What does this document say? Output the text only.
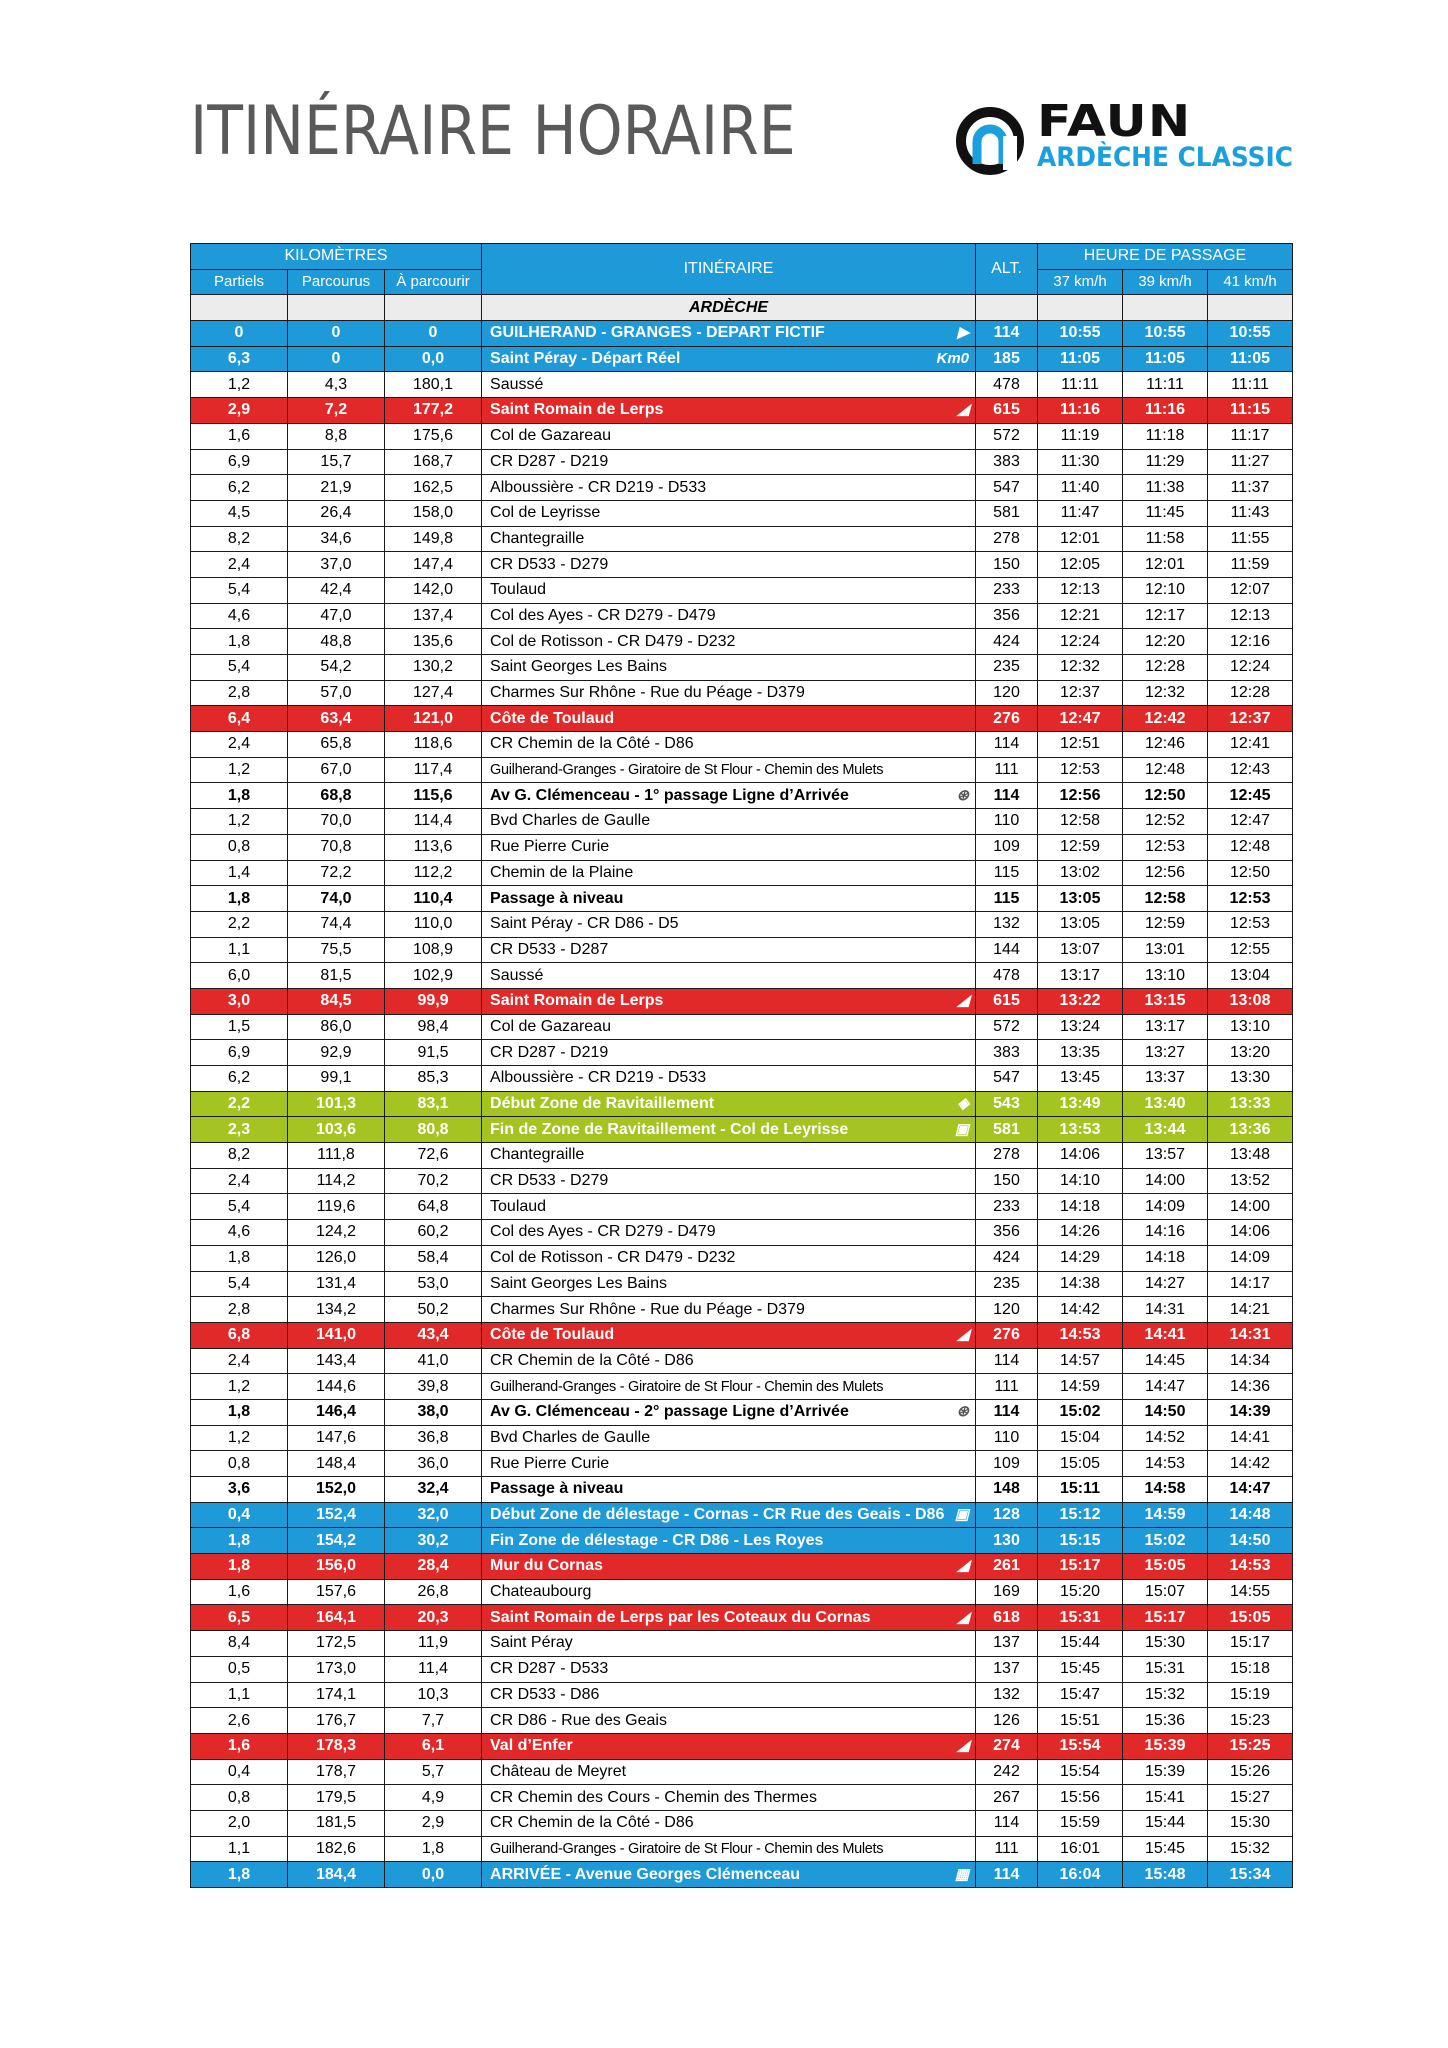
ITINÉRAIRE HORAIRE	FAUN
ARDÈCHE CLASSIC
KILOMÈTRES			ITINÉRAIRE	ALT.	HEURE DE PASSAGE		
Partiels	Parcourus	À parcourir			37 km/h	39 km/h	41 km/h
			ARDÈCHE				
0	0	0	GUILHERAND - GRANGES - DEPART FICTIF ▶	114	10:55	10:55	10:55
6,3	0	0,0	Saint Péray - Départ Réel Km0	185	11:05	11:05	11:05
1,2	4,3	180,1	Saussé	478	11:11	11:11	11:11
2,9	7,2	177,2	Saint Romain de Lerps ◢	615	11:16	11:16	11:15
1,6	8,8	175,6	Col de Gazareau	572	11:19	11:18	11:17
6,9	15,7	168,7	CR D287 - D219	383	11:30	11:29	11:27
6,2	21,9	162,5	Alboussière - CR D219 - D533	547	11:40	11:38	11:37
4,5	26,4	158,0	Col de Leyrisse	581	11:47	11:45	11:43
8,2	34,6	149,8	Chantegraille	278	12:01	11:58	11:55
2,4	37,0	147,4	CR D533 - D279	150	12:05	12:01	11:59
5,4	42,4	142,0	Toulaud	233	12:13	12:10	12:07
4,6	47,0	137,4	Col des Ayes - CR D279 - D479	356	12:21	12:17	12:13
1,8	48,8	135,6	Col de Rotisson - CR D479 - D232	424	12:24	12:20	12:16
5,4	54,2	130,2	Saint Georges Les Bains	235	12:32	12:28	12:24
2,8	57,0	127,4	Charmes Sur Rhône - Rue du Péage - D379	120	12:37	12:32	12:28
6,4	63,4	121,0	Côte de Toulaud	276	12:47	12:42	12:37
2,4	65,8	118,6	CR Chemin de la Côté - D86	114	12:51	12:46	12:41
1,2	67,0	117,4	Guilherand-Granges - Giratoire de St Flour - Chemin des Mulets	111	12:53	12:48	12:43
1,8	68,8	115,6	Av G. Clémenceau - 1° passage Ligne d’Arrivée ⊛	114	12:56	12:50	12:45
1,2	70,0	114,4	Bvd Charles de Gaulle	110	12:58	12:52	12:47
0,8	70,8	113,6	Rue Pierre Curie	109	12:59	12:53	12:48
1,4	72,2	112,2	Chemin de la Plaine	115	13:02	12:56	12:50
1,8	74,0	110,4	Passage à niveau	115	13:05	12:58	12:53
2,2	74,4	110,0	Saint Péray - CR D86 - D5	132	13:05	12:59	12:53
1,1	75,5	108,9	CR D533 - D287	144	13:07	13:01	12:55
6,0	81,5	102,9	Saussé	478	13:17	13:10	13:04
3,0	84,5	99,9	Saint Romain de Lerps ◢	615	13:22	13:15	13:08
1,5	86,0	98,4	Col de Gazareau	572	13:24	13:17	13:10
6,9	92,9	91,5	CR D287 - D219	383	13:35	13:27	13:20
6,2	99,1	85,3	Alboussière - CR D219 - D533	547	13:45	13:37	13:30
2,2	101,3	83,1	Début Zone de Ravitaillement ◈	543	13:49	13:40	13:33
2,3	103,6	80,8	Fin de Zone de Ravitaillement - Col de Leyrisse ▣	581	13:53	13:44	13:36
8,2	111,8	72,6	Chantegraille	278	14:06	13:57	13:48
2,4	114,2	70,2	CR D533 - D279	150	14:10	14:00	13:52
5,4	119,6	64,8	Toulaud	233	14:18	14:09	14:00
4,6	124,2	60,2	Col des Ayes - CR D279 - D479	356	14:26	14:16	14:06
1,8	126,0	58,4	Col de Rotisson - CR D479 - D232	424	14:29	14:18	14:09
5,4	131,4	53,0	Saint Georges Les Bains	235	14:38	14:27	14:17
2,8	134,2	50,2	Charmes Sur Rhône - Rue du Péage - D379	120	14:42	14:31	14:21
6,8	141,0	43,4	Côte de Toulaud ◢	276	14:53	14:41	14:31
2,4	143,4	41,0	CR Chemin de la Côté - D86	114	14:57	14:45	14:34
1,2	144,6	39,8	Guilherand-Granges - Giratoire de St Flour - Chemin des Mulets	111	14:59	14:47	14:36
1,8	146,4	38,0	Av G. Clémenceau - 2° passage Ligne d’Arrivée ⊛	114	15:02	14:50	14:39
1,2	147,6	36,8	Bvd Charles de Gaulle	110	15:04	14:52	14:41
0,8	148,4	36,0	Rue Pierre Curie	109	15:05	14:53	14:42
3,6	152,0	32,4	Passage à niveau	148	15:11	14:58	14:47
0,4	152,4	32,0	Début Zone de délestage - Cornas - CR Rue des Geais - D86 ▣	128	15:12	14:59	14:48
1,8	154,2	30,2	Fin Zone de délestage - CR D86 - Les Royes	130	15:15	15:02	14:50
1,8	156,0	28,4	Mur du Cornas ◢	261	15:17	15:05	14:53
1,6	157,6	26,8	Chateaubourg	169	15:20	15:07	14:55
6,5	164,1	20,3	Saint Romain de Lerps par les Coteaux du Cornas ◢	618	15:31	15:17	15:05
8,4	172,5	11,9	Saint Péray	137	15:44	15:30	15:17
0,5	173,0	11,4	CR D287 - D533	137	15:45	15:31	15:18
1,1	174,1	10,3	CR D533 - D86	132	15:47	15:32	15:19
2,6	176,7	7,7	CR D86 - Rue des Geais	126	15:51	15:36	15:23
1,6	178,3	6,1	Val d’Enfer ◢	274	15:54	15:39	15:25
0,4	178,7	5,7	Château de Meyret	242	15:54	15:39	15:26
0,8	179,5	4,9	CR Chemin des Cours - Chemin des Thermes	267	15:56	15:41	15:27
2,0	181,5	2,9	CR Chemin de la Côté - D86	114	15:59	15:44	15:30
1,1	182,6	1,8	Guilherand-Granges - Giratoire de St Flour - Chemin des Mulets	111	16:01	15:45	15:32
1,8	184,4	0,0	ARRIVÉE - Avenue Georges Clémenceau ▦	114	16:04	15:48	15:34
